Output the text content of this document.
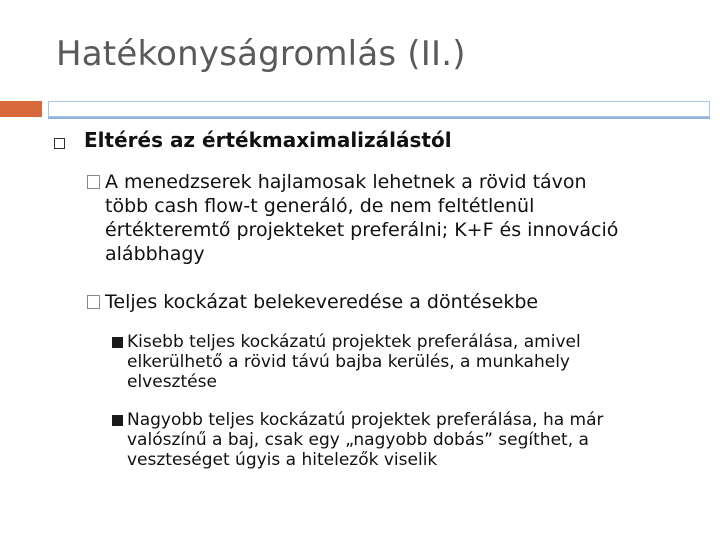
Hatékonyságromlás (II.)
Eltérés az értékmaximalizálástól
A menedzserek hajlamosak lehetnek a rövid távon
több cash flow-t generáló, de nem feltétlenül
értékteremtő projekteket preferálni; K+F és innováció
alábbhagy
Teljes kockázat belekeveredése a döntésekbe
Kisebb teljes kockázatú projektek preferálása, amivel
elkerülhető a rövid távú bajba kerülés, a munkahely
elvesztése
Nagyobb teljes kockázatú projektek preferálása, ha már
valószínű a baj, csak egy „nagyobb dobás” segíthet, a
veszteséget úgyis a hitelezők viselik
